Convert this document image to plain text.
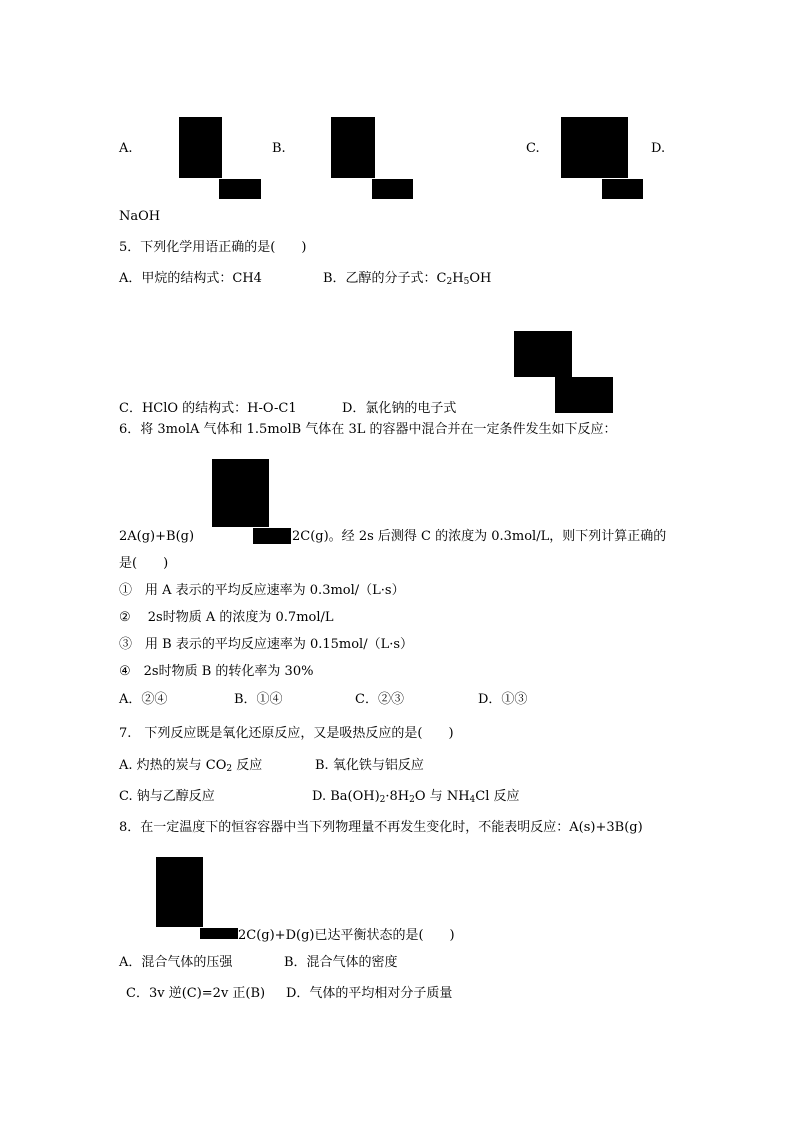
A.	B.	C.	D.
NaOH
5．下列化学用语正确的是(　　)
A．甲烷的结构式：CH4	B．乙醇的分子式：$C_2H_5OH$
C．HClO 的结构式：H-O-C1	D．氯化钠的电子式
6．将 3molA 气体和 1.5molB 气体在 3L 的容器中混合并在一定条件发生如下反应：
2A(g)+B(g)	2C(g)。经 2s 后测得 C 的浓度为 0.3mol/L，则下列计算正确的
是(　　)
①　用 A 表示的平均反应速率为 0.3mol/（L·s）
②　 2s时物质 A 的浓度为 0.7mol/L
③　用 B 表示的平均反应速率为 0.15mol/（L·s）
④　2s时物质 B 的转化率为 30%
A．②④	B．①④	C．②③	D．①③
7.　下列反应既是氧化还原反应，又是吸热反应的是(　　)
A. 灼热的炭与 $CO_2$ 反应	B. 氧化铁与铝反应
C. 钠与乙醇反应	D. $Ba(OH)_2\cdot 8H_2O$ 与 $NH_4Cl$ 反应
8．在一定温度下的恒容容器中当下列物理量不再发生变化时，不能表明反应：A(s)+3B(g)
2C(g)+D(g)已达平衡状态的是(　　)
A．混合气体的压强	B．混合气体的密度
C．3v 逆(C)=2v 正(B) D．气体的平均相对分子质量
